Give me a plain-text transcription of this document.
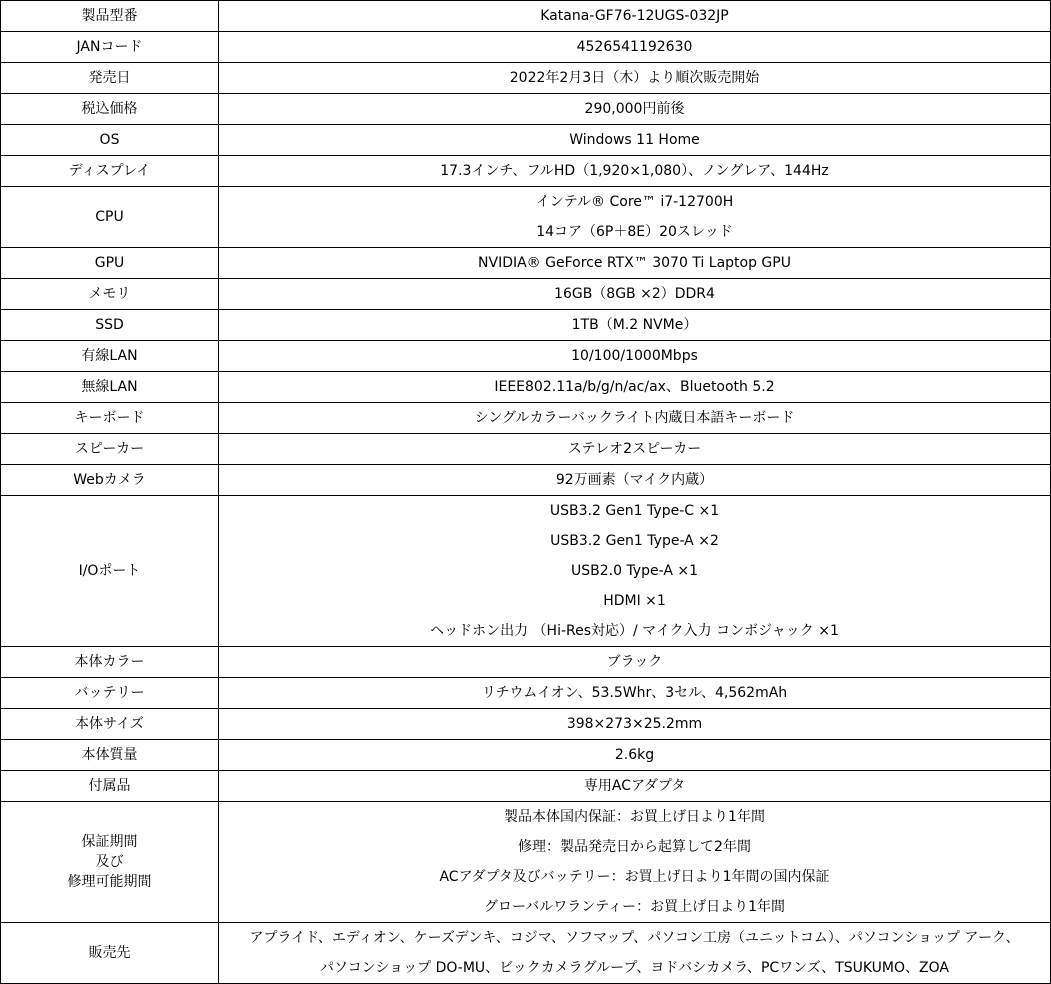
製品型番	Katana-GF76-12UGS-032JP

JANコード	4526541192630

発売日	2022年2月3日（木）より順次販売開始

税込価格	290,000円前後

OS	Windows 11 Home

ディスプレイ	17.3インチ、フルHD（1,920×1,080）、ノングレア、144Hz

CPU	インテル® Core™ i7-12700H
14コア（6P＋8E）20スレッド

GPU	NVIDIA® GeForce RTX™ 3070 Ti Laptop GPU

メモリ	16GB（8GB ×2）DDR4

SSD	1TB（M.2 NVMe）

有線LAN	10/100/1000Mbps

無線LAN	IEEE802.11a/b/g/n/ac/ax、Bluetooth 5.2

キーボード	シングルカラーバックライト内蔵日本語キーボード

スピーカー	ステレオ2スピーカー

Webカメラ	92万画素（マイク内蔵）

I/Oポート	USB3.2 Gen1 Type-C ×1
USB3.2 Gen1 Type-A ×2
USB2.0 Type-A ×1
HDMI ×1
ヘッドホン出力 （Hi-Res対応）/ マイク入力 コンボジャック ×1

本体カラー	ブラック

バッテリー	リチウムイオン、53.5Whr、3セル、4,562mAh

本体サイズ	398×273×25.2mm

本体質量	2.6kg

付属品	専用ACアダプタ

保証期間
及び
修理可能期間	製品本体国内保証：お買上げ日より1年間
修理：製品発売日から起算して2年間
ACアダプタ及びバッテリー：お買上げ日より1年間の国内保証
グローバルワランティー：お買上げ日より1年間

販売先	アプライド、エディオン、ケーズデンキ、コジマ、ソフマップ、パソコン工房（ユニットコム）、パソコンショップ アーク、
パソコンショップ DO-MU、ビックカメラグループ、ヨドバシカメラ、PCワンズ、TSUKUMO、ZOA
